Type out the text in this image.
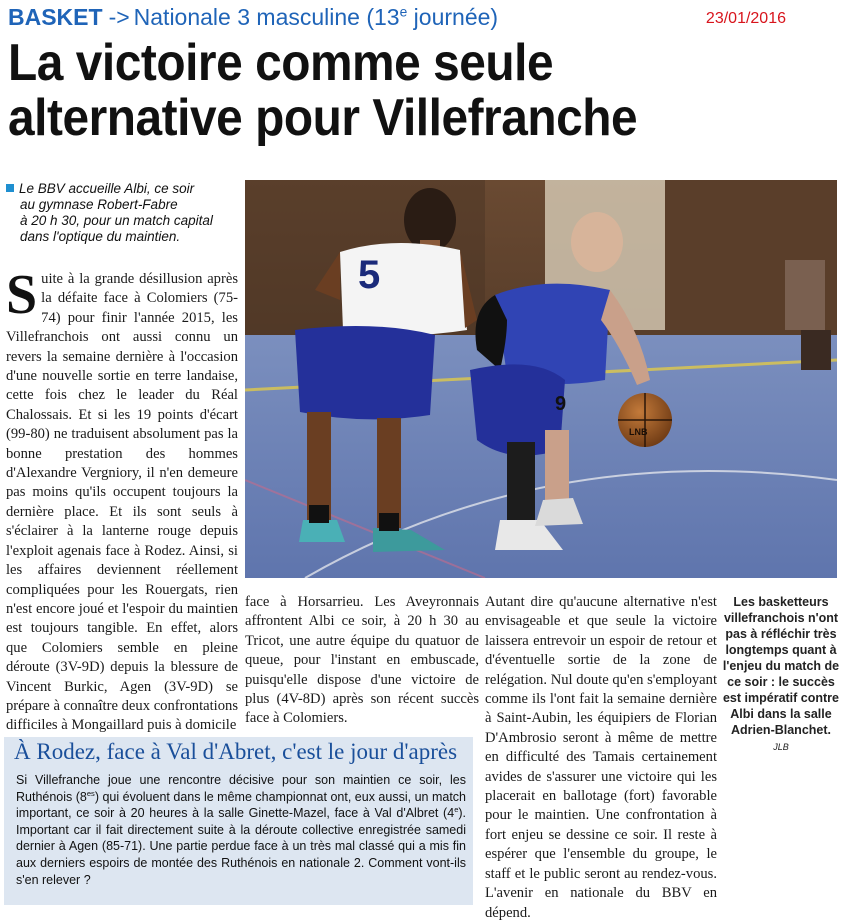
BASKET -> Nationale 3 masculine (13e journée)	23/01/2016
La victoire comme seule alternative pour Villefranche
Le BBV accueille Albi, ce soir
au gymnase Robert-Fabre
à 20 h 30, pour un match capital
dans l'optique du maintien.
Suite à la grande désillusion après la défaite face à Colomiers (75-74) pour finir l'année 2015, les Villefranchois ont aussi connu un revers la semaine dernière à l'occasion d'une nouvelle sortie en terre landaise, cette fois chez le leader du Réal Chalossais. Et si les 19 points d'écart (99-80) ne traduisent absolument pas la bonne prestation des hommes d'Alexandre Vergniory, il n'en demeure pas moins qu'ils occupent toujours la dernière place. Et ils sont seuls à s'éclairer à la lanterne rouge depuis l'exploit agenais face à Rodez. Ainsi, si les affaires deviennent réellement compliquées pour les Rouergats, rien n'est encore joué et l'espoir du maintien est toujours tangible. En effet, alors que Colomiers semble en pleine déroute (3V-9D) depuis la blessure de Vincent Burkic, Agen (3V-9D) se prépare à connaître deux confrontations difficiles à Mongaillard puis à domicile
5
9
LNB
face à Horsarrieu. Les Aveyronnais affrontent Albi ce soir, à 20 h 30 au Tricot, une autre équipe du quatuor de queue, pour l'instant en embuscade, puisqu'elle dispose d'une victoire de plus (4V-8D) après son récent succès face à Colomiers.
Autant dire qu'aucune alternative n'est envisageable et que seule la victoire laissera entrevoir un espoir de retour et d'éventuelle sortie de la zone de relégation. Nul doute qu'en s'employant comme ils l'ont fait la semaine dernière à Saint-Aubin, les équipiers de Florian D'Ambrosio seront à même de mettre en difficulté des Tamais certainement avides de s'assurer une victoire qui les placerait en ballotage (fort) favorable pour le maintien. Une confrontation à fort enjeu se dessine ce soir. Il reste à espérer que l'ensemble du groupe, le staff et le public seront au rendez-vous. L'avenir en nationale du BBV en dépend.
Les basketteurs villefranchois n'ont pas à réfléchir très longtemps quant à l'enjeu du match de ce soir : le succès est impératif contre Albi dans la salle Adrien-Blanchet. JLB
À Rodez, face à Val d'Abret, c'est le jour d'après
Si Villefranche joue une rencontre décisive pour son maintien ce soir, les Ruthénois $(8^{es})$ qui évoluent dans le même championnat ont, eux aussi, un match important, ce soir à 20 heures à la salle Ginette-Mazel, face à Val d'Albret (4e). Important car il fait directement suite à la déroute collective enregistrée samedi dernier à Agen (85-71). Une partie perdue face à un très mal classé qui a mis fin aux derniers espoirs de montée des Ruthénois en nationale 2. Comment vont-ils s'en relever ?
